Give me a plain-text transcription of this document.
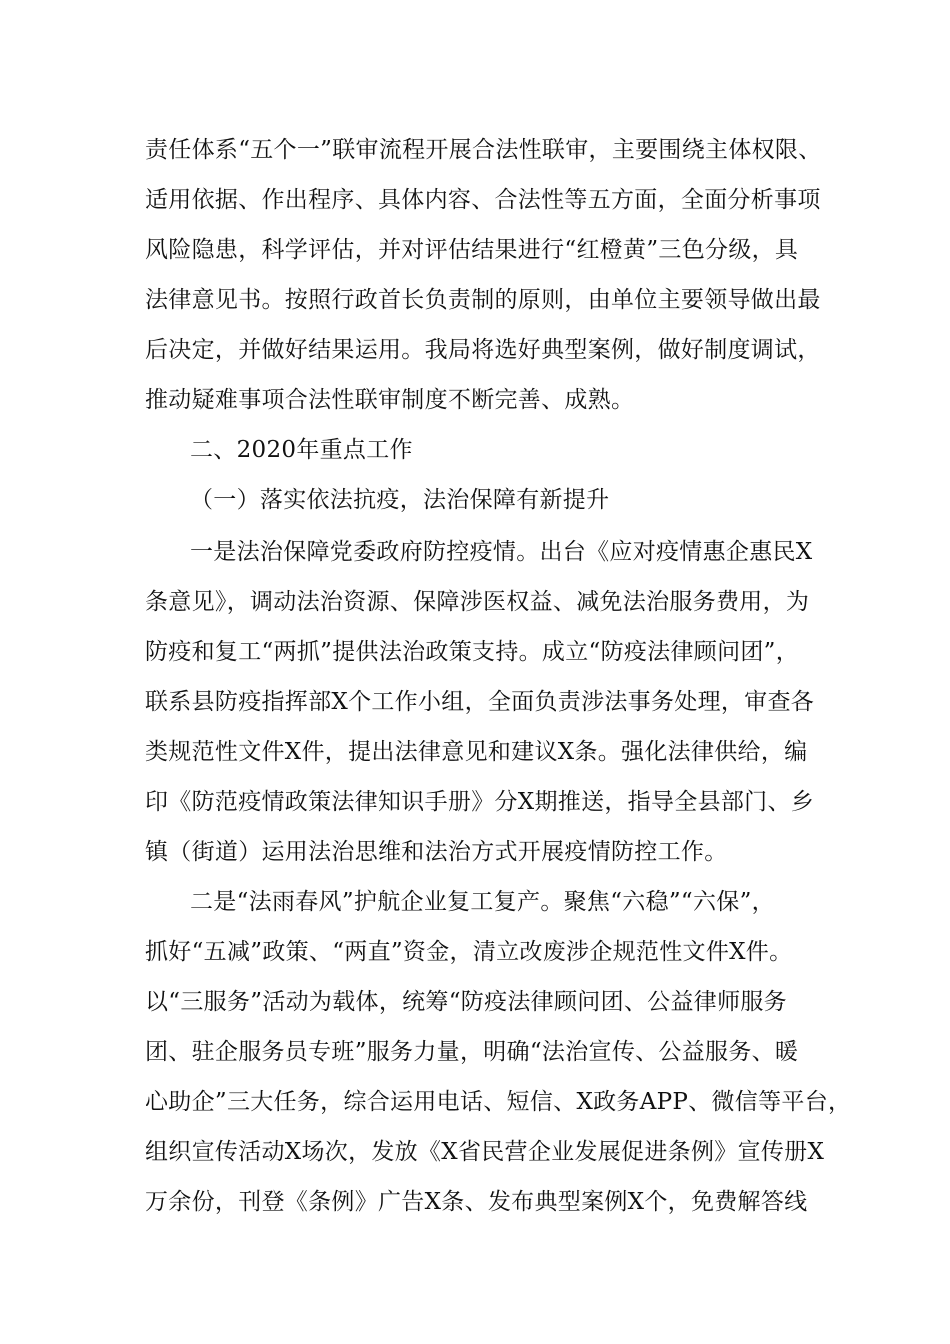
责任体系“五个一”联审流程开展合法性联审，主要围绕主体权限、
适用依据、作出程序、具体内容、合法性等五方面，全面分析事项
风险隐患，科学评估，并对评估结果进行“红橙黄”三色分级，具
法律意见书。按照行政首长负责制的原则，由单位主要领导做出最
后决定，并做好结果运用。我局将选好典型案例，做好制度调试，
推动疑难事项合法性联审制度不断完善、成熟。
二、2020年重点工作
（一）落实依法抗疫，法治保障有新提升
一是法治保障党委政府防控疫情。出台《应对疫情惠企惠民X
条意见》，调动法治资源、保障涉医权益、减免法治服务费用，为
防疫和复工“两抓”提供法治政策支持。成立“防疫法律顾问团”，
联系县防疫指挥部X个工作小组，全面负责涉法事务处理，审查各
类规范性文件X件，提出法律意见和建议X条。强化法律供给，编
印《防范疫情政策法律知识手册》分X期推送，指导全县部门、乡
镇（街道）运用法治思维和法治方式开展疫情防控工作。
二是“法雨春风”护航企业复工复产。聚焦“六稳”“六保”，
抓好“五减”政策、“两直”资金，清立改废涉企规范性文件X件。
以“三服务”活动为载体，统筹“防疫法律顾问团、公益律师服务
团、驻企服务员专班”服务力量，明确“法治宣传、公益服务、暖
心助企”三大任务，综合运用电话、短信、X政务APP、微信等平台，
组织宣传活动X场次，发放《X省民营企业发展促进条例》宣传册X
万余份，刊登《条例》广告X条、发布典型案例X个，免费解答线
